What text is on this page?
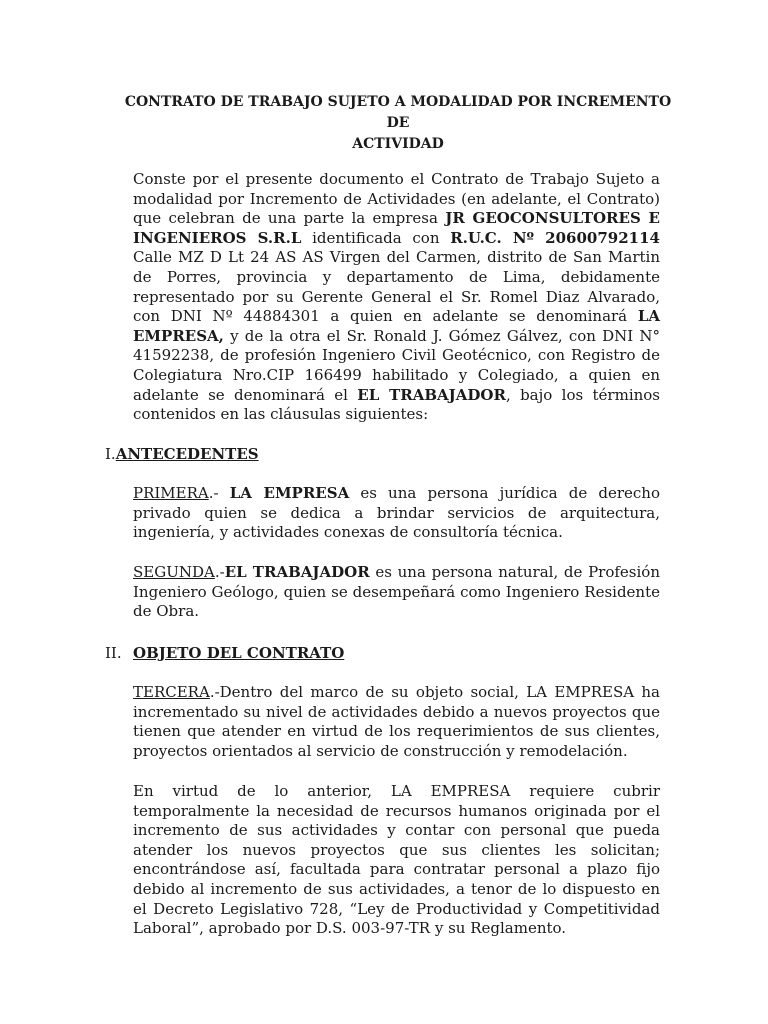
CONTRATO DE TRABAJO SUJETO A MODALIDAD POR INCREMENTO DE
ACTIVIDAD
Conste por el presente documento el Contrato de Trabajo Sujeto a modalidad por Incremento de Actividades (en adelante, el Contrato) que celebran de una parte la empresa JR GEOCONSULTORES E INGENIEROS S.R.L identificada con R.U.C. Nº 20600792114 Calle MZ D Lt 24 AS AS Virgen del Carmen, distrito de San Martin de Porres, provincia y departamento de Lima, debidamente representado por su Gerente General el Sr. Romel Diaz Alvarado, con DNI Nº 44884301 a quien en adelante se denominará LA EMPRESA, y de la otra el Sr. Ronald J. Gómez Gálvez, con DNI N° 41592238, de profesión Ingeniero Civil Geotécnico, con Registro de Colegiatura Nro.CIP 166499 habilitado y Colegiado, a quien en adelante se denominará el EL TRABAJADOR, bajo los términos contenidos en las cláusulas siguientes:
I.ANTECEDENTES
PRIMERA.- LA EMPRESA es una persona jurídica de derecho privado quien se dedica a brindar servicios de arquitectura, ingeniería, y actividades conexas de consultoría técnica.
SEGUNDA.-EL TRABAJADOR es una persona natural, de Profesión Ingeniero Geólogo, quien se desempeñará como Ingeniero Residente de Obra.
II. OBJETO DEL CONTRATO
TERCERA.-Dentro del marco de su objeto social, LA EMPRESA ha incrementado su nivel de actividades debido a nuevos proyectos que tienen que atender en virtud de los requerimientos de sus clientes, proyectos orientados al servicio de construcción y remodelación.
En virtud de lo anterior, LA EMPRESA requiere cubrir temporalmente la necesidad de recursos humanos originada por el incremento de sus actividades y contar con personal que pueda atender los nuevos proyectos que sus clientes les solicitan; encontrándose así, facultada para contratar personal a plazo fijo debido al incremento de sus actividades, a tenor de lo dispuesto en el Decreto Legislativo 728, “Ley de Productividad y Competitividad Laboral”, aprobado por D.S. 003-97-TR y su Reglamento.
